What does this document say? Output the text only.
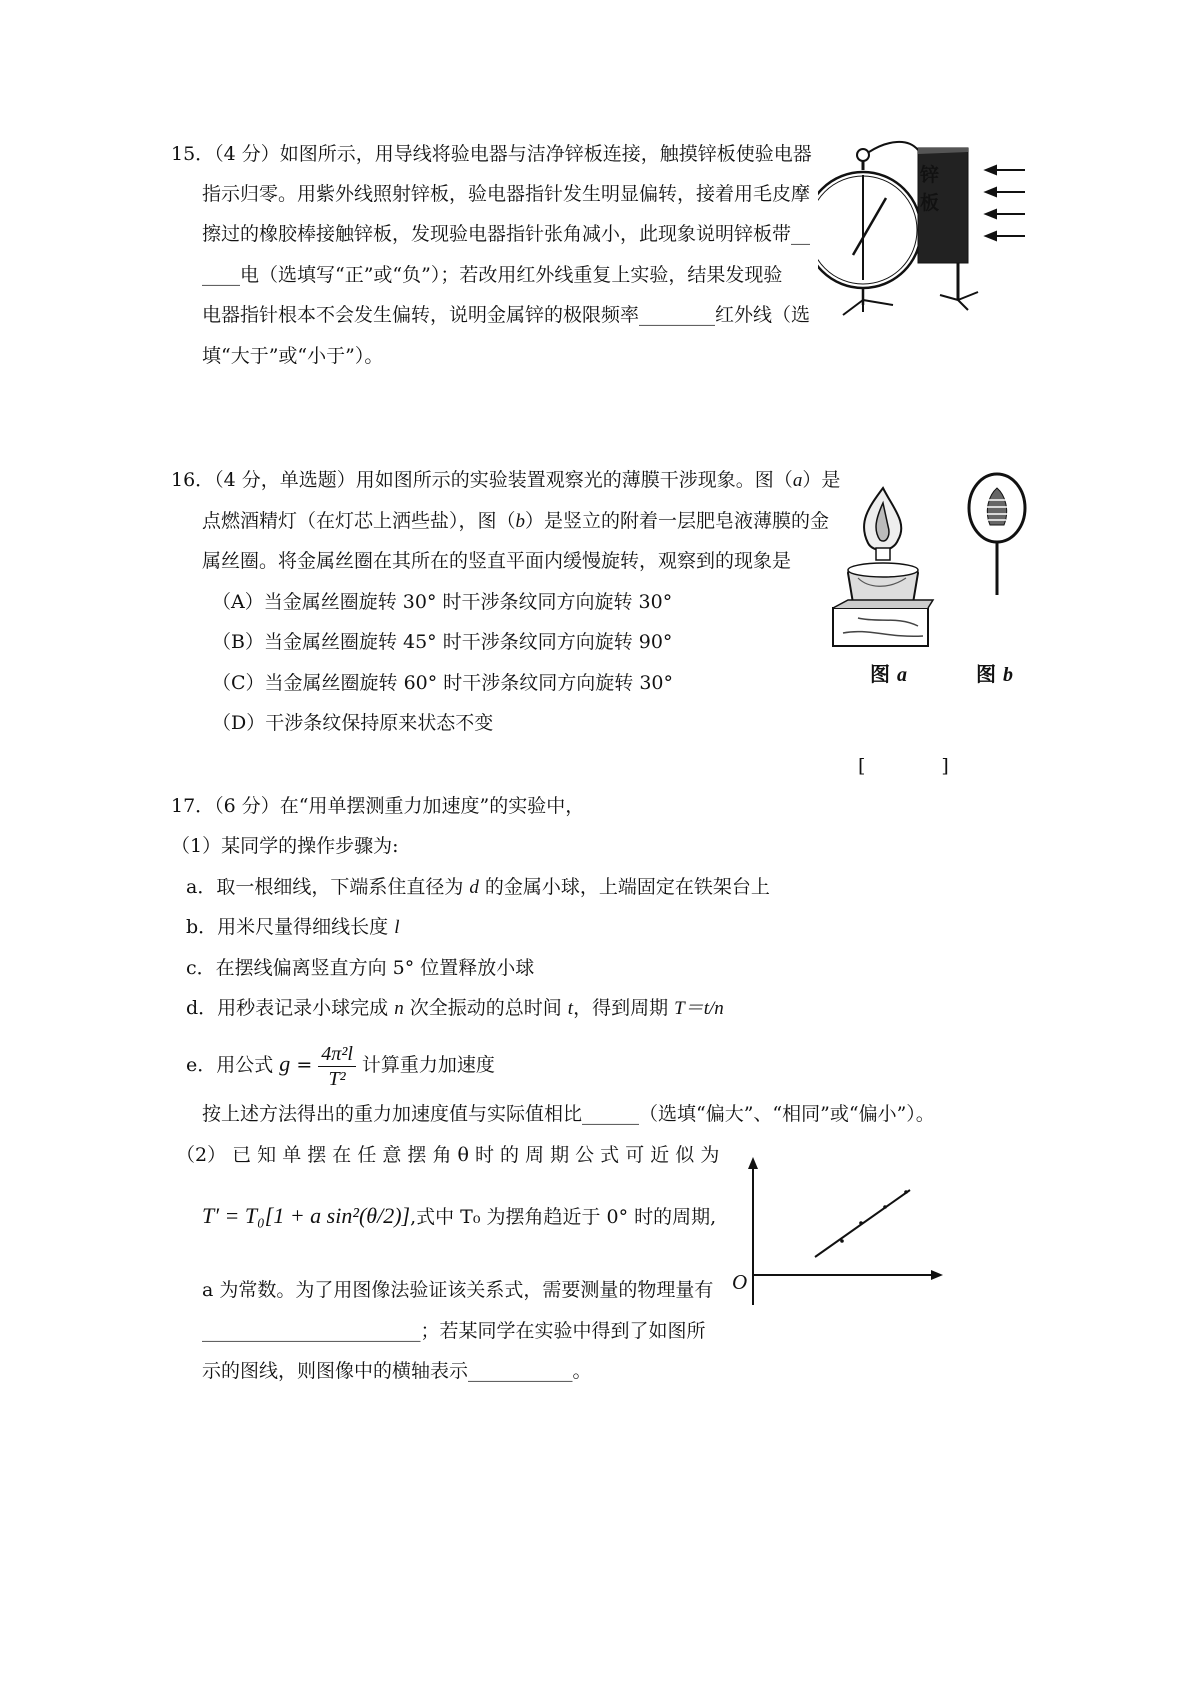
15．（4 分）如图所示，用导线将验电器与洁净锌板连接，触摸锌板使验电器
指示归零。用紫外线照射锌板，验电器指针发生明显偏转，接着用毛皮摩
擦过的橡胶棒接触锌板，发现验电器指针张角减小，此现象说明锌板带__
____电（选填写“正”或“负”）；若改用红外线重复上实验，结果发现验
电器指针根本不会发生偏转，说明金属锌的极限频率________红外线（选
填“大于”或“小于”）。
锌
板
16．（4 分，单选题）用如图所示的实验装置观察光的薄膜干涉现象。图（a）是
点燃酒精灯（在灯芯上洒些盐），图（b）是竖立的附着一层肥皂液薄膜的金
属丝圈。将金属丝圈在其所在的竖直平面内缓慢旋转，观察到的现象是
（A）当金属丝圈旋转 30° 时干涉条纹同方向旋转 30°
（B）当金属丝圈旋转 45° 时干涉条纹同方向旋转 90°
（C）当金属丝圈旋转 60° 时干涉条纹同方向旋转 30°
（D）干涉条纹保持原来状态不变
[　　　　]
图 a	图 b
17．（6 分）在“用单摆测重力加速度”的实验中，
（1）某同学的操作步骤为:
a．取一根细线，下端系住直径为 d 的金属小球，上端固定在铁架台上
b．用米尺量得细线长度 l
c．在摆线偏离竖直方向 5° 位置释放小球
d．用秒表记录小球完成 n 次全振动的总时间 t，得到周期 T＝t/n
e．用公式 $g = \frac{\text{4π²l}}{\text{T²}}$ 计算重力加速度
按上述方法得出的重力加速度值与实际值相比______（选填“偏大”、“相同”或“偏小”）。
（2） 已 知 单 摆 在 任 意 摆 角 θ 时 的 周 期 公 式 可 近 似 为
T′ = T₀[1 + a sin²(θ/2)],式中 T₀ 为摆角趋近于 0° 时的周期,
a 为常数。为了用图像法验证该关系式，需要测量的物理量有
_______________________；若某同学在实验中得到了如图所
示的图线，则图像中的横轴表示___________。
O
